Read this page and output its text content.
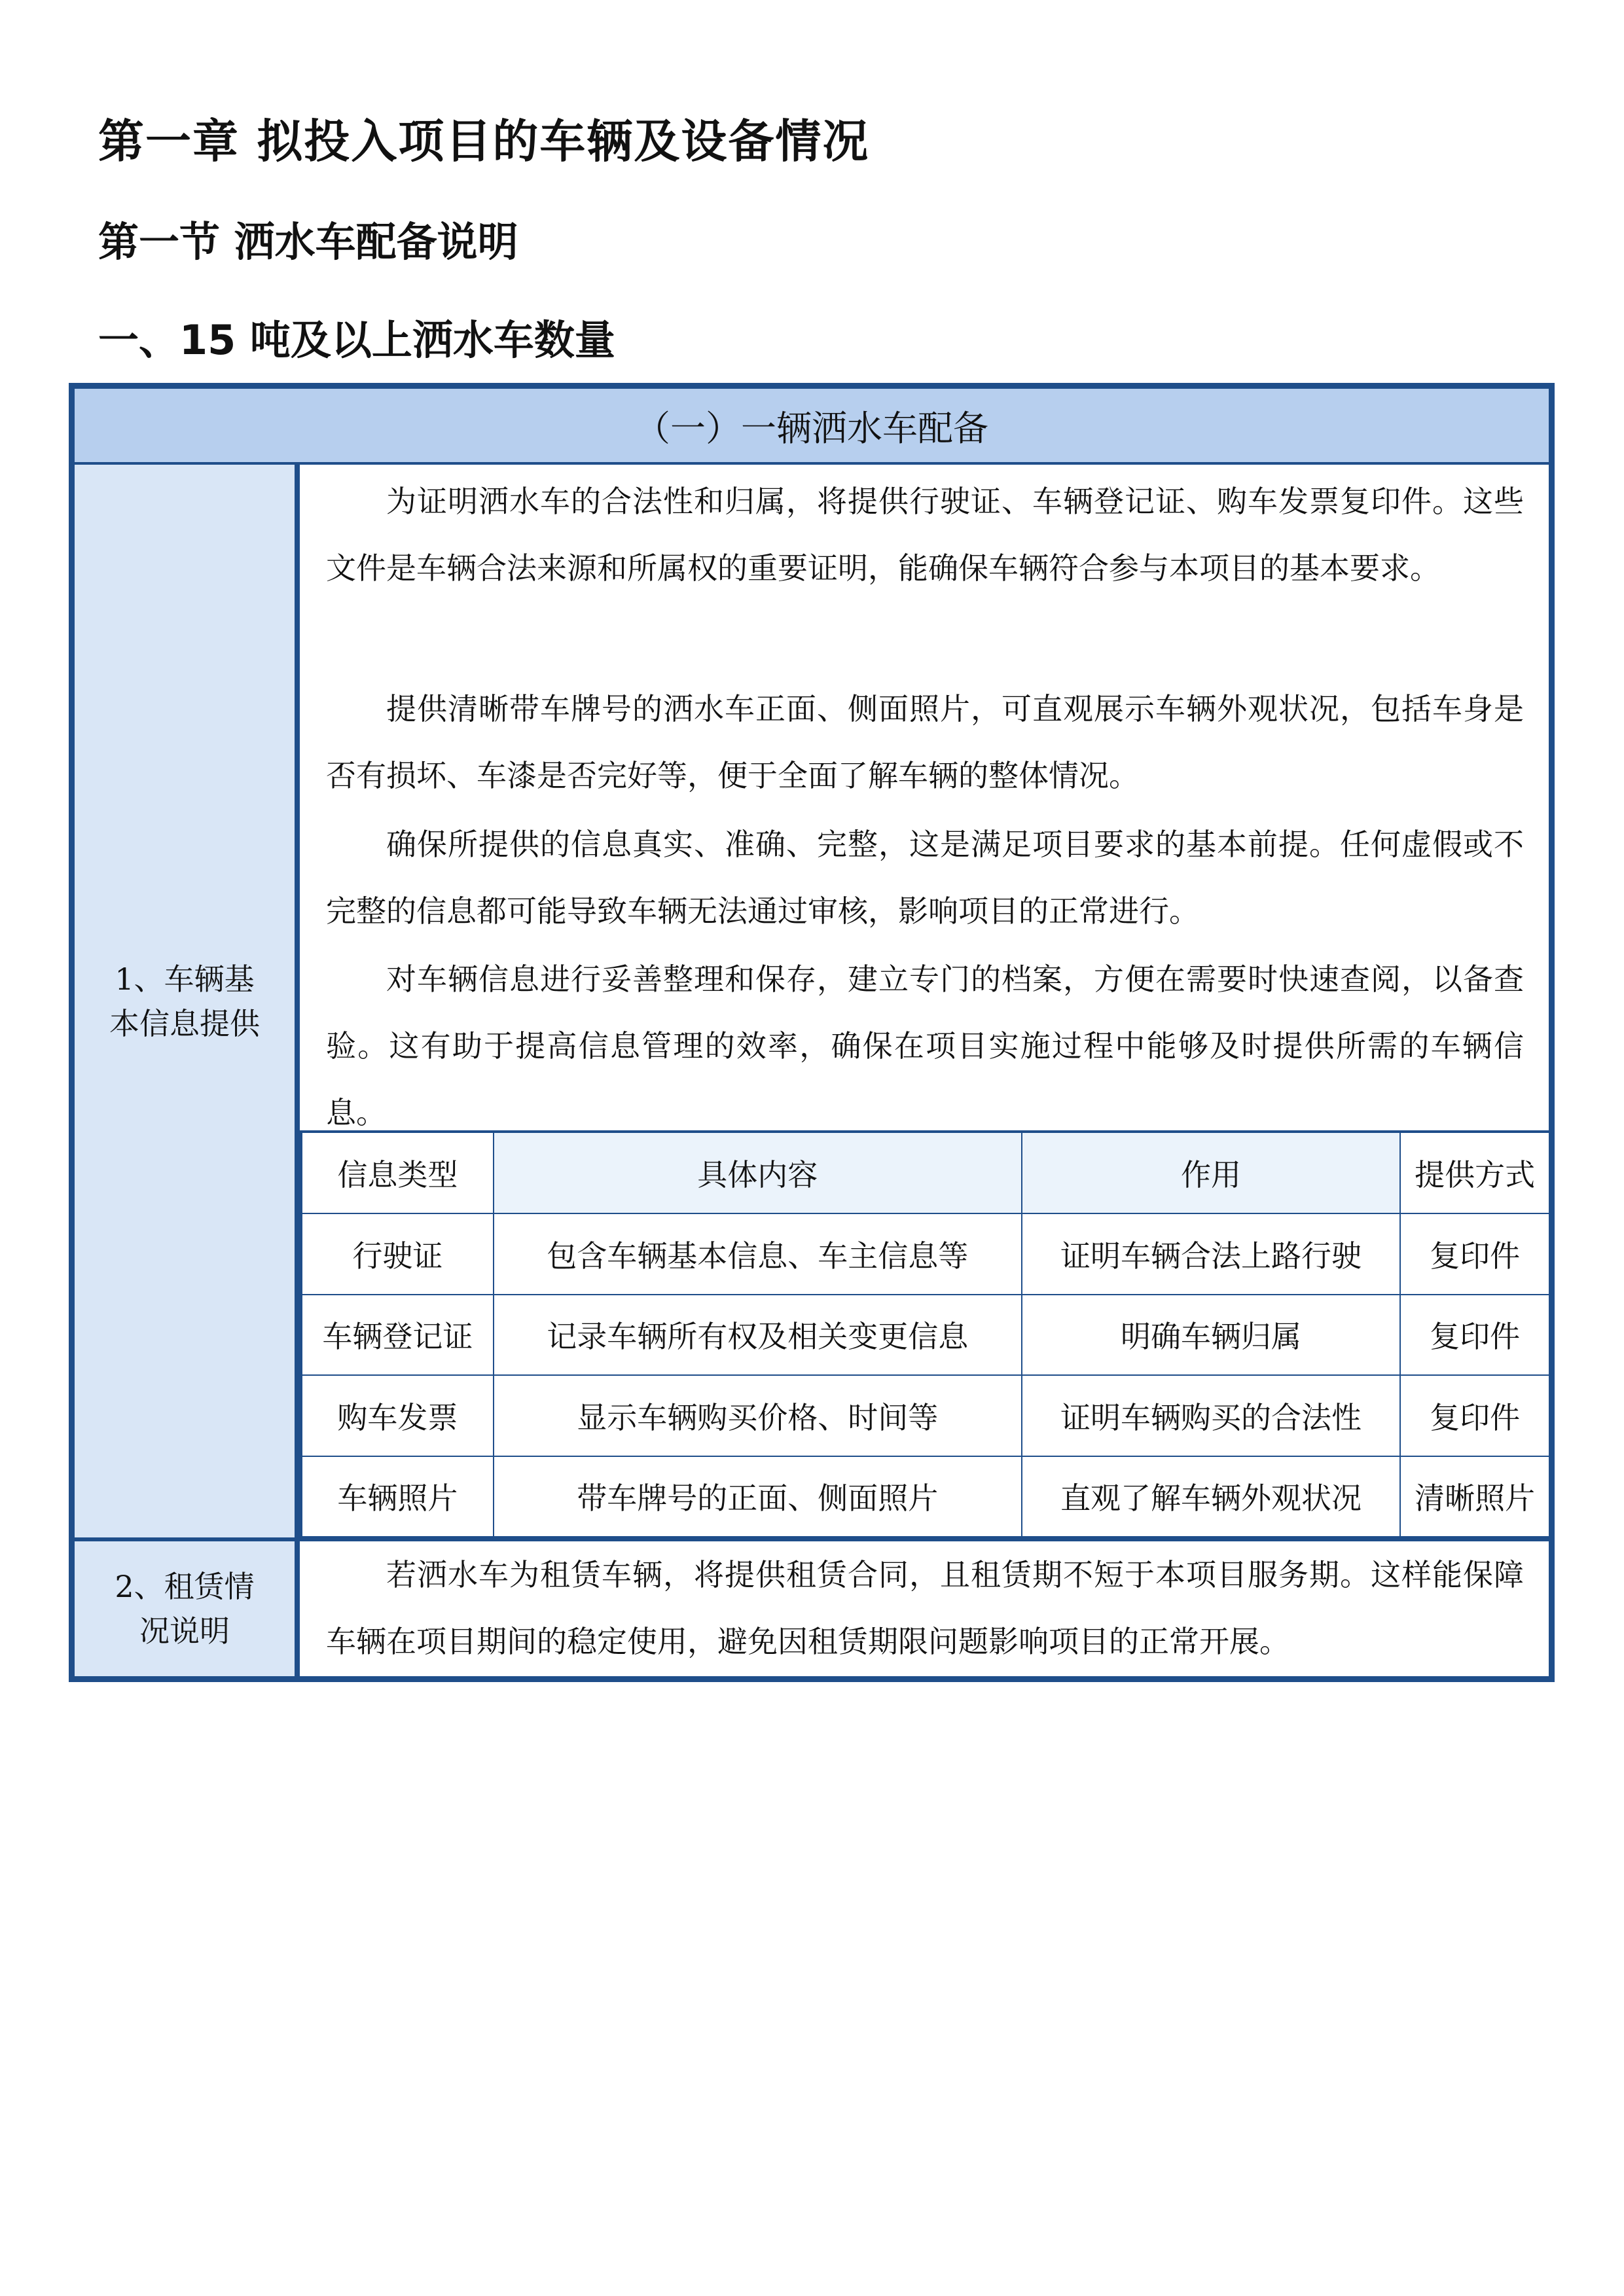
第一章 拟投入项目的车辆及设备情况
第一节 洒水车配备说明
一、15 吨及以上洒水车数量
（一）一辆洒水车配备
1、车辆基本信息提供

为证明洒水车的合法性和归属，将提供行驶证、车辆登记证、购车发票复印件。这些文件是车辆合法来源和所属权的重要证明，能确保车辆符合参与本项目的基本要求。

提供清晰带车牌号的洒水车正面、侧面照片，可直观展示车辆外观状况，包括车身是否有损坏、车漆是否完好等，便于全面了解车辆的整体情况。

确保所提供的信息真实、准确、完整，这是满足项目要求的基本前提。任何虚假或不完整的信息都可能导致车辆无法通过审核，影响项目的正常进行。

对车辆信息进行妥善整理和保存，建立专门的档案，方便在需要时快速查阅，以备查验。这有助于提高信息管理的效率，确保在项目实施过程中能够及时提供所需的车辆信息。

信息类型	具体内容	作用	提供方式
行驶证	包含车辆基本信息、车主信息等	证明车辆合法上路行驶	复印件
车辆登记证	记录车辆所有权及相关变更信息	明确车辆归属	复印件
购车发票	显示车辆购买价格、时间等	证明车辆购买的合法性	复印件
车辆照片	带车牌号的正面、侧面照片	直观了解车辆外观状况	清晰照片
2、租赁情况说明

若洒水车为租赁车辆，将提供租赁合同，且租赁期不短于本项目服务期。这样能保障车辆在项目期间的稳定使用，避免因租赁期限问题影响项目的正常开展。
